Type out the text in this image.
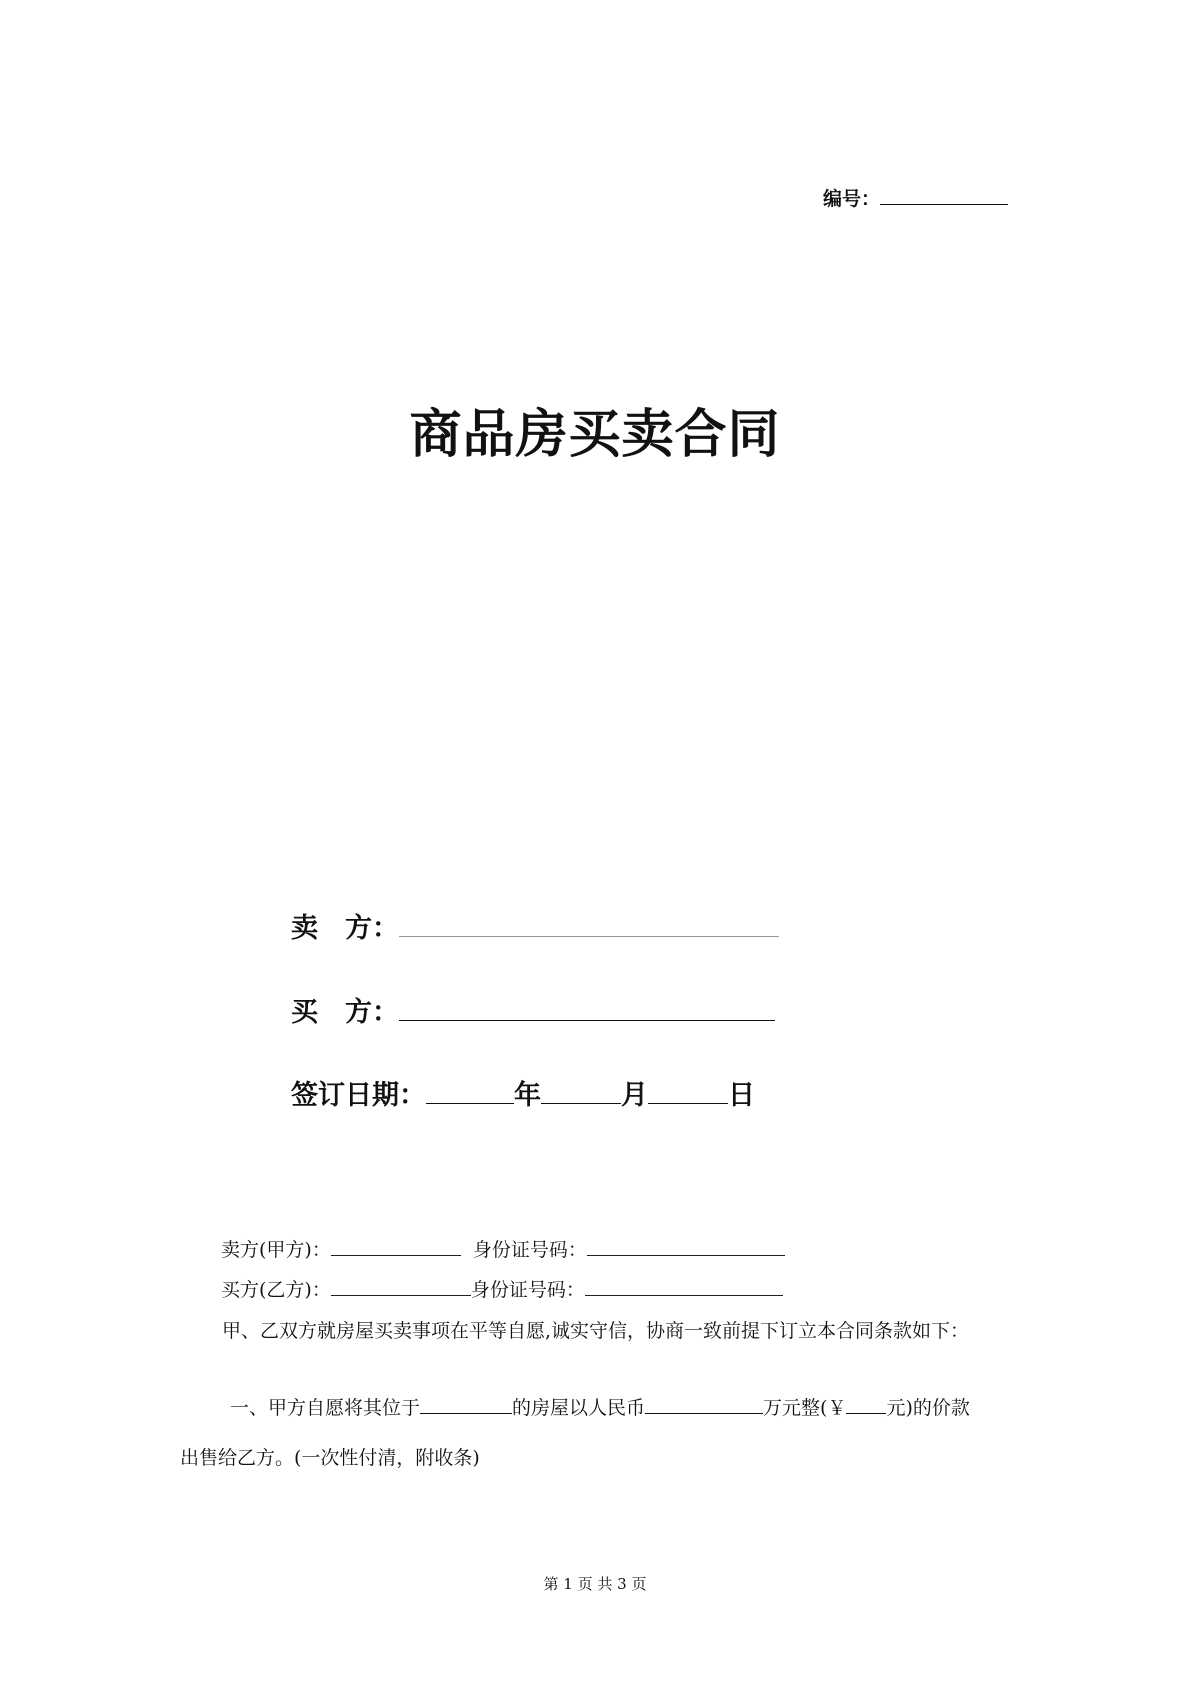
编号：
商品房买卖合同
卖　方：
买　方：
签订日期：	年	月	日
卖方(甲方)：	身份证号码：
买方(乙方)：	身份证号码：
甲、乙双方就房屋买卖事项在平等自愿,诚实守信，协商一致前提下订立本合同条款如下：
一、甲方自愿将其位于	的房屋以人民币	万元整(￥ 元)的价款
出售给乙方。(一次性付清，附收条)
第 1 页 共 3 页
